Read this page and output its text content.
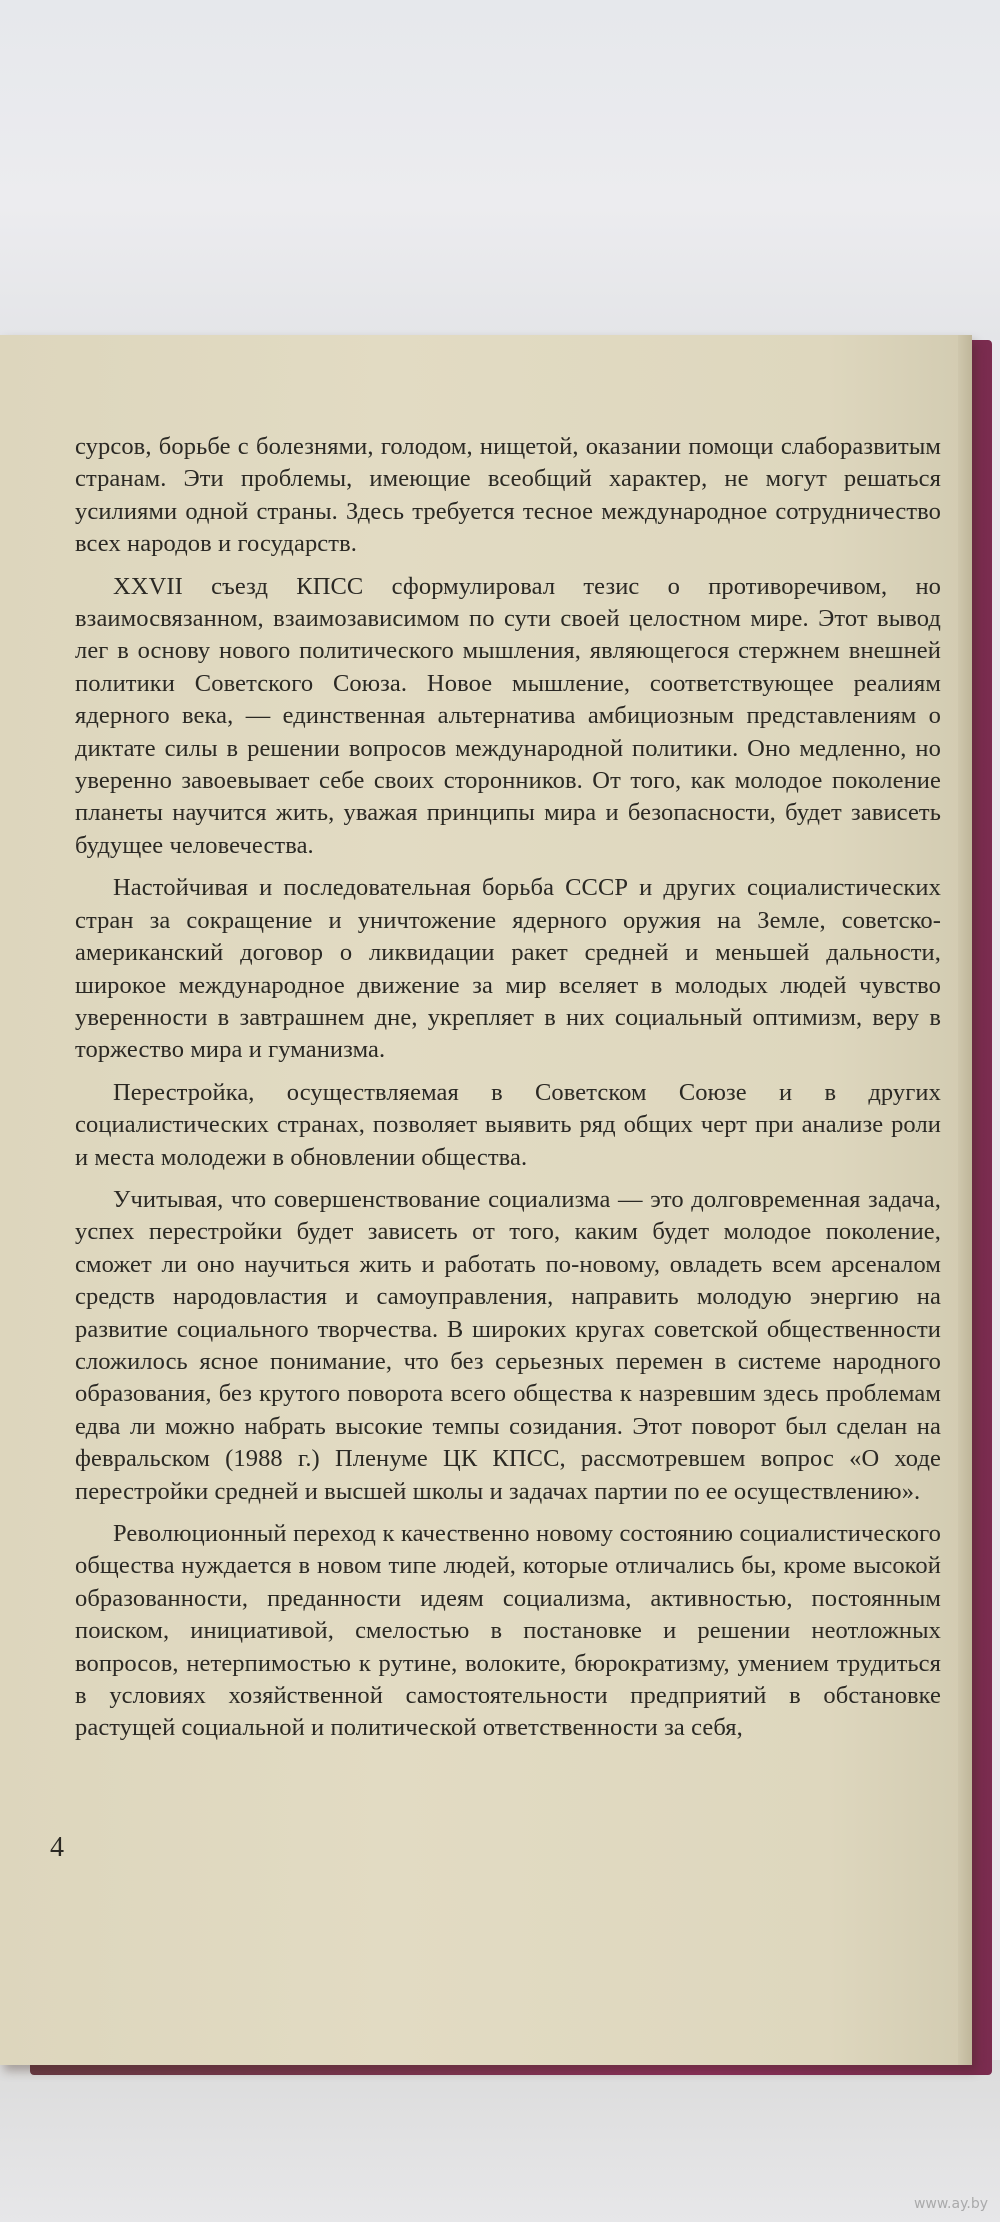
сурсов, борьбе с болезнями, голодом, нищетой, оказании помощи слаборазвитым странам. Эти проблемы, имеющие всеобщий характер, не могут решаться усилиями одной страны. Здесь требуется тесное международное сотрудничество всех народов и государств.

XXVII съезд КПСС сформулировал тезис о противоречивом, но взаимосвязанном, взаимозависимом по сути своей целостном мире. Этот вывод лег в основу нового политического мышления, являющегося стержнем внешней политики Советского Союза. Новое мышление, соответствующее реалиям ядерного века, — единственная альтернатива амбициозным представлениям о диктате силы в решении вопросов международной политики. Оно медленно, но уверенно завоевывает себе своих сторонников. От того, как молодое поколение планеты научится жить, уважая принципы мира и безопасности, будет зависеть будущее человечества.

Настойчивая и последовательная борьба СССР и других социалистических стран за сокращение и уничтожение ядерного оружия на Земле, советско-американский договор о ликвидации ракет средней и меньшей дальности, широкое международное движение за мир вселяет в молодых людей чувство уверенности в завтрашнем дне, укрепляет в них социальный оптимизм, веру в торжество мира и гуманизма.

Перестройка, осуществляемая в Советском Союзе и в других социалистических странах, позволяет выявить ряд общих черт при анализе роли и места молодежи в обновлении общества.

Учитывая, что совершенствование социализма — это долговременная задача, успех перестройки будет зависеть от того, каким будет молодое поколение, сможет ли оно научиться жить и работать по-новому, овладеть всем арсеналом средств народовластия и самоуправления, направить молодую энергию на развитие социального творчества. В широких кругах советской общественности сложилось ясное понимание, что без серьезных перемен в системе народного образования, без крутого поворота всего общества к назревшим здесь проблемам едва ли можно набрать высокие темпы созидания. Этот поворот был сделан на февральском (1988 г.) Пленуме ЦК КПСС, рассмотревшем вопрос «О ходе перестройки средней и высшей школы и задачах партии по ее осуществлению».

Революционный переход к качественно новому состоянию социалистического общества нуждается в новом типе людей, которые отличались бы, кроме высокой образованности, преданности идеям социализма, активностью, постоянным поиском, инициативой, смелостью в постановке и решении неотложных вопросов, нетерпимостью к рутине, волоките, бюрократизму, умением трудиться в условиях хозяйственной самостоятельности предприятий в обстановке растущей социальной и политической ответственности за себя,

4
www.ay.by
